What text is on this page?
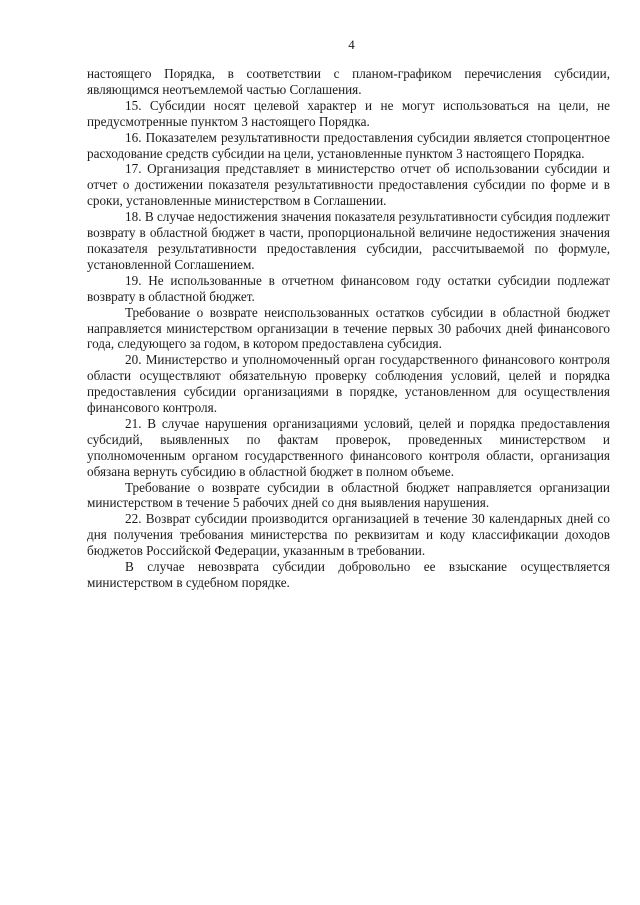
4

настоящего Порядка, в соответствии с планом-графиком перечисления субсидии, являющимся неотъемлемой частью Соглашения.

15. Субсидии носят целевой характер и не могут использоваться на цели, не предусмотренные пунктом 3 настоящего Порядка.

16. Показателем результативности предоставления субсидии является стопроцентное расходование средств субсидии на цели, установленные пунктом 3 настоящего Порядка.

17. Организация представляет в министерство отчет об использовании субсидии и отчет о достижении показателя результативности предоставления субсидии по форме и в сроки, установленные министерством в Соглашении.

18. В случае недостижения значения показателя результативности субсидия подлежит возврату в областной бюджет в части, пропорциональной величине недостижения значения показателя результативности предоставления субсидии, рассчитываемой по формуле, установленной Соглашением.

19. Не использованные в отчетном финансовом году остатки субсидии подлежат возврату в областной бюджет.

Требование о возврате неиспользованных остатков субсидии в областной бюджет направляется министерством организации в течение первых 30 рабочих дней финансового года, следующего за годом, в котором предоставлена субсидия.

20. Министерство и уполномоченный орган государственного финансового контроля области осуществляют обязательную проверку соблюдения условий, целей и порядка предоставления субсидии организациями в порядке, установленном для осуществления финансового контроля.

21. В случае нарушения организациями условий, целей и порядка предоставления субсидий, выявленных по фактам проверок, проведенных министерством и уполномоченным органом государственного финансового контроля области, организация обязана вернуть субсидию в областной бюджет в полном объеме.

Требование о возврате субсидии в областной бюджет направляется организации министерством в течение 5 рабочих дней со дня выявления нарушения.

22. Возврат субсидии производится организацией в течение 30 календарных дней со дня получения требования министерства по реквизитам и коду классификации доходов бюджетов Российской Федерации, указанным в требовании.

В случае невозврата субсидии добровольно ее взыскание осуществляется министерством в судебном порядке.
